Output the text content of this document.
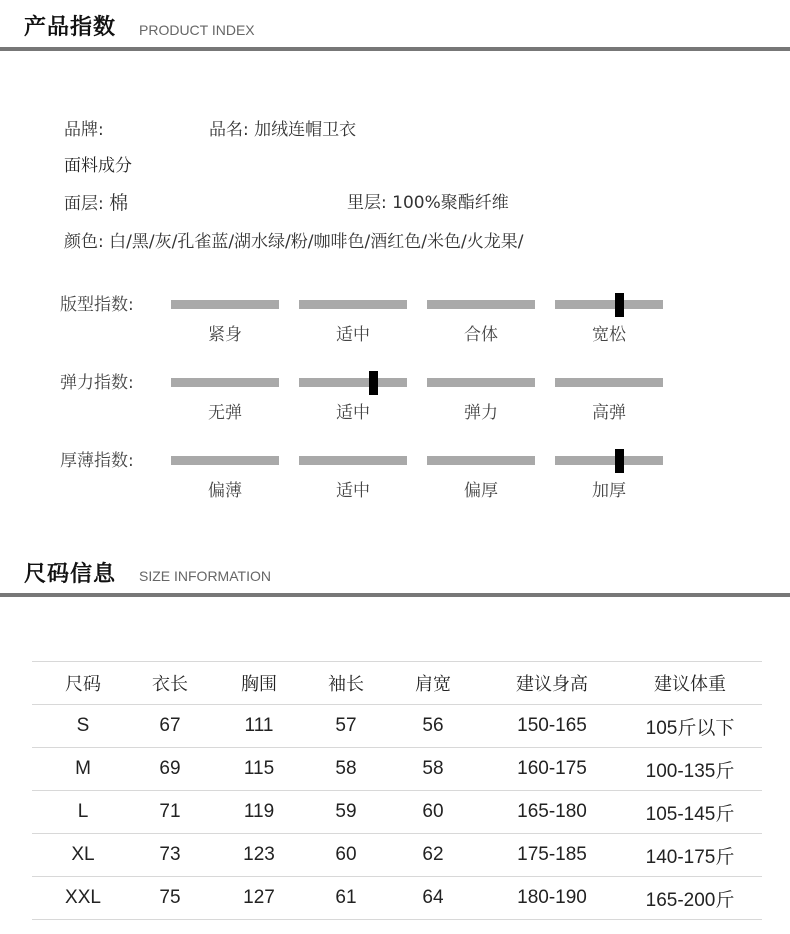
产品指数 PRODUCT INDEX
品牌:	品名: 加绒连帽卫衣
面料成分
面层: 棉	里层: 100%聚酯纤维
颜色: 白/黑/灰/孔雀蓝/湖水绿/粉/咖啡色/酒红色/米色/火龙果/
版型指数:
紧身	适中	合体	宽松
弹力指数:
无弹	适中	弹力	高弹
厚薄指数:
偏薄	适中	偏厚	加厚
尺码信息 SIZE INFORMATION
尺码	衣长	胸围	袖长	肩宽	建议身高	建议体重
S	67	111	57	56	150-165	105斤以下
M	69	115	58	58	160-175	100-135斤
L	71	119	59	60	165-180	105-145斤
XL	73	123	60	62	175-185	140-175斤
XXL	75	127	61	64	180-190	165-200斤
